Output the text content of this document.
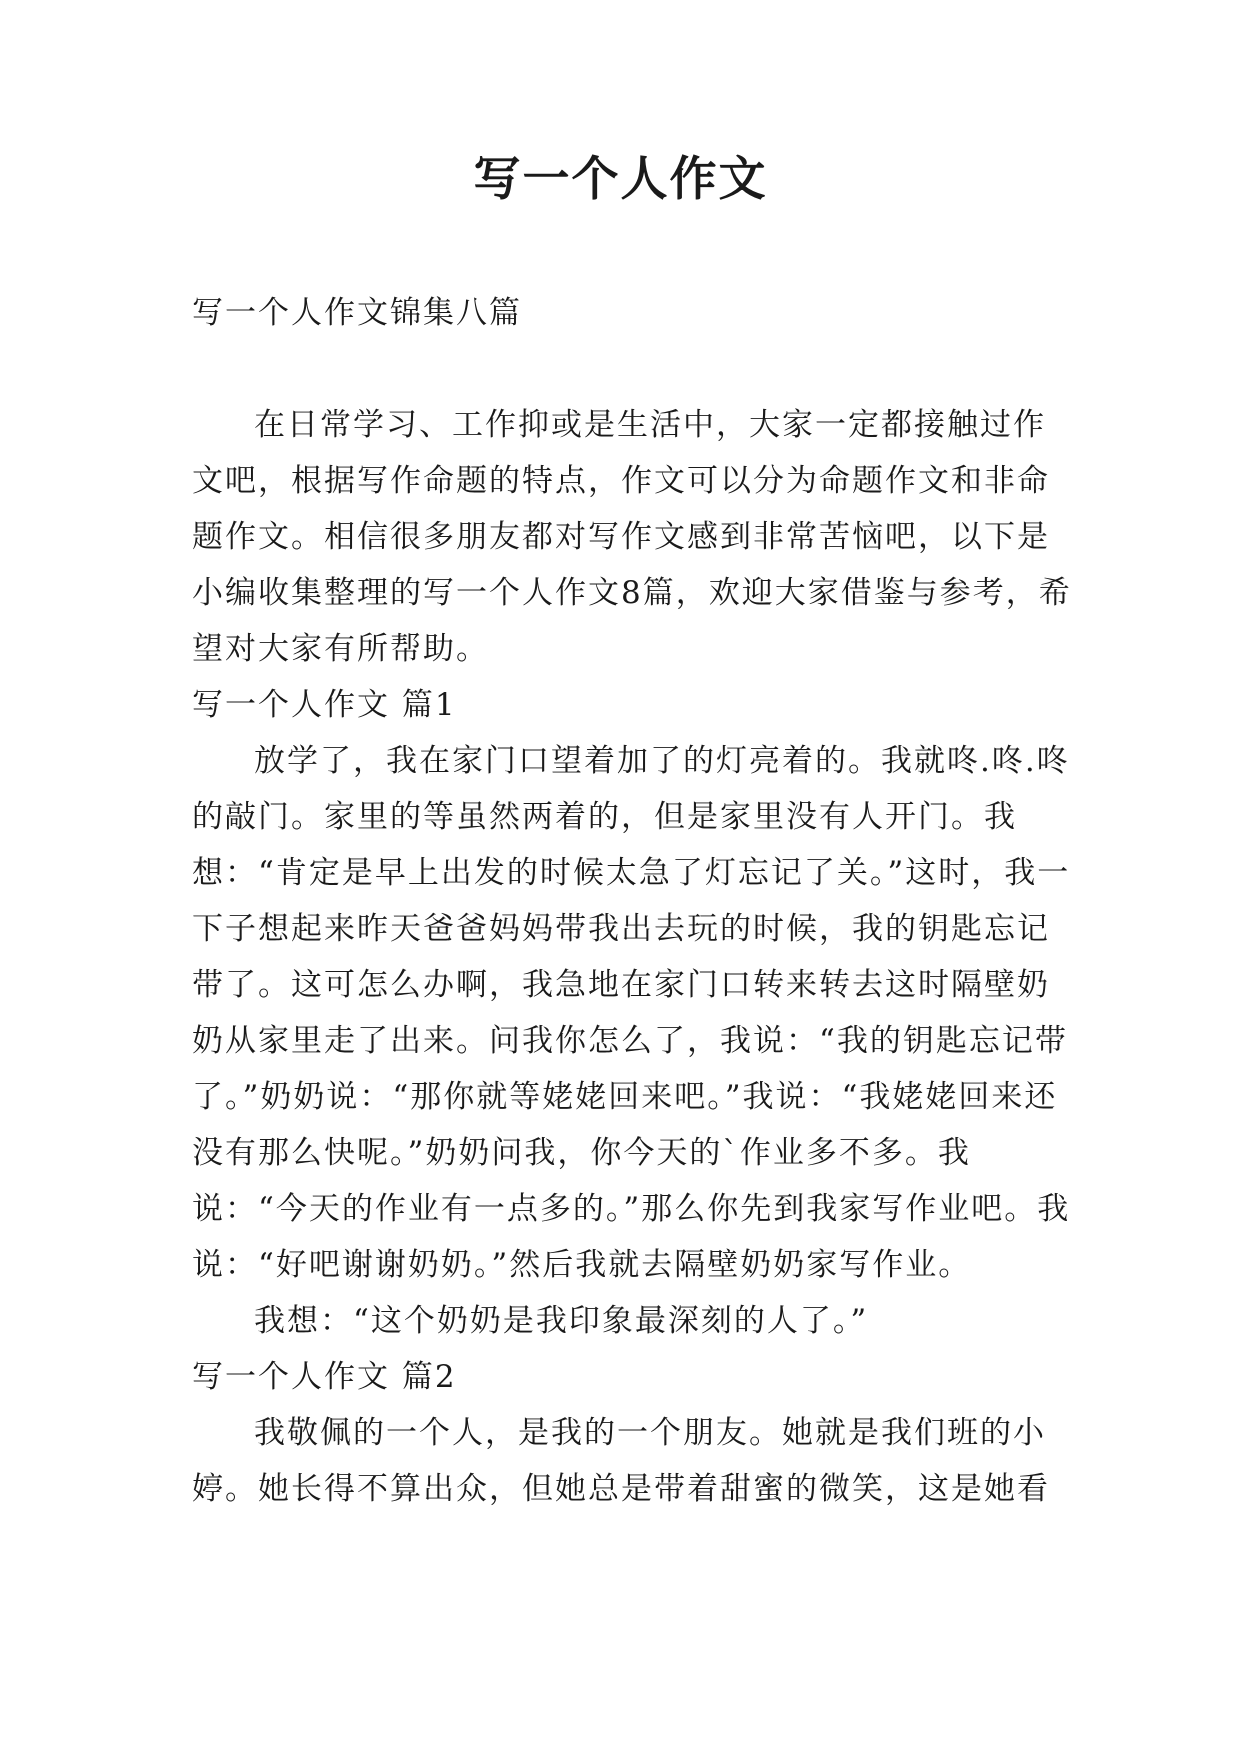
写一个人作文

写一个人作文锦集八篇

在日常学习、工作抑或是生活中，大家一定都接触过作文吧，根据写作命题的特点，作文可以分为命题作文和非命题作文。相信很多朋友都对写作文感到非常苦恼吧，以下是小编收集整理的写一个人作文8篇，欢迎大家借鉴与参考，希望对大家有所帮助。

写一个人作文 篇1

放学了，我在家门口望着加了的灯亮着的。我就咚.咚.咚的敲门。家里的等虽然两着的，但是家里没有人开门。我想：“肯定是早上出发的时候太急了灯忘记了关。”这时，我一下子想起来昨天爸爸妈妈带我出去玩的时候，我的钥匙忘记带了。这可怎么办啊，我急地在家门口转来转去这时隔壁奶奶从家里走了出来。问我你怎么了，我说：“我的钥匙忘记带了。”奶奶说：“那你就等姥姥回来吧。”我说：“我姥姥回来还没有那么快呢。”奶奶问我，你今天的`作业多不多。我说：“今天的作业有一点多的。”那么你先到我家写作业吧。我说：“好吧谢谢奶奶。”然后我就去隔壁奶奶家写作业。

我想：“这个奶奶是我印象最深刻的人了。”

写一个人作文 篇2

我敬佩的一个人，是我的一个朋友。她就是我们班的小婷。她长得不算出众，但她总是带着甜蜜的微笑，这是她看
